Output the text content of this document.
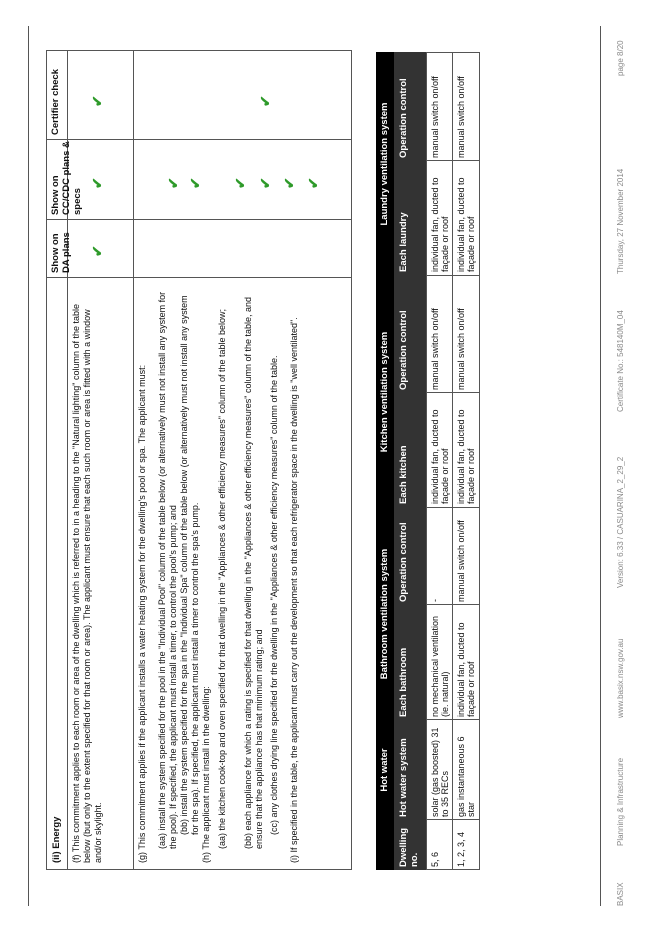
(ii) Energy
Show on DA plans
Show on CC/CDC plans & specs
Certifier check
(f) This commitment applies to each room or area of the dwelling which is referred to in a heading to the "Natural lighting" column of the table below (but only to the extent specified for that room or area). The applicant must ensure that each such room or area is fitted with a window and/or skylight.	(g) This commitment applies if the applicant installs a water heating system for the dwelling's pool or spa. The applicant must: (aa) install the system specified for the pool in the "Individual Pool" column of the table below (or alternatively must not install any system for the pool). If specified, the applicant must install a timer, to control the pool's pump; and (bb) install the system specified for the spa in the "Individual Spa" column of the table below (or alternatively must not install any system for the spa). If specified, the applicant must install a timer to control the spa's pump. (h) The applicant must install in the dwelling: (aa) the kitchen cook-top and oven specified for that dwelling in the "Appliances & other efficiency measures" column of the table below; (bb) each appliance for which a rating is specified for that dwelling in the "Appliances & other efficiency measures" column of the table, and ensure that the appliance has that minimum rating; and (cc) any clothes drying line specified for the dwelling in the "Appliances & other efficiency measures" column of the table. (i) If specified in the table, the applicant must carry out the development so that each refrigerator space in the dwelling is "well ventilated".
✔
✔
✔
✔ ✔ ✔ ✔
✔
✔ ✔
Hot water
Bathroom ventilation system
Kitchen ventilation system
Laundry ventilation system
Dwelling no.
Hot water system
Each bathroom
Operation control
Each kitchen
Operation control
Each laundry
Operation control
5, 6
solar (gas boosted) 31 to 35 RECs
no mechanical ventilation (ie. natural)
-
individual fan, ducted to façade or roof
manual switch on/off
individual fan, ducted to façade or roof
manual switch on/off
1, 2, 3, 4
gas instantaneous 6 star
individual fan, ducted to façade or roof
manual switch on/off
individual fan, ducted to façade or roof
manual switch on/off
individual fan, ducted to façade or roof
manual switch on/off
BASIX
Planning & Infrastructure
www.basix.nsw.gov.au
Version: 6.33 / CASUARINA_2_29_2
Certificate No.: 548140M_04
Thursday, 27 November 2014
page 8/20
